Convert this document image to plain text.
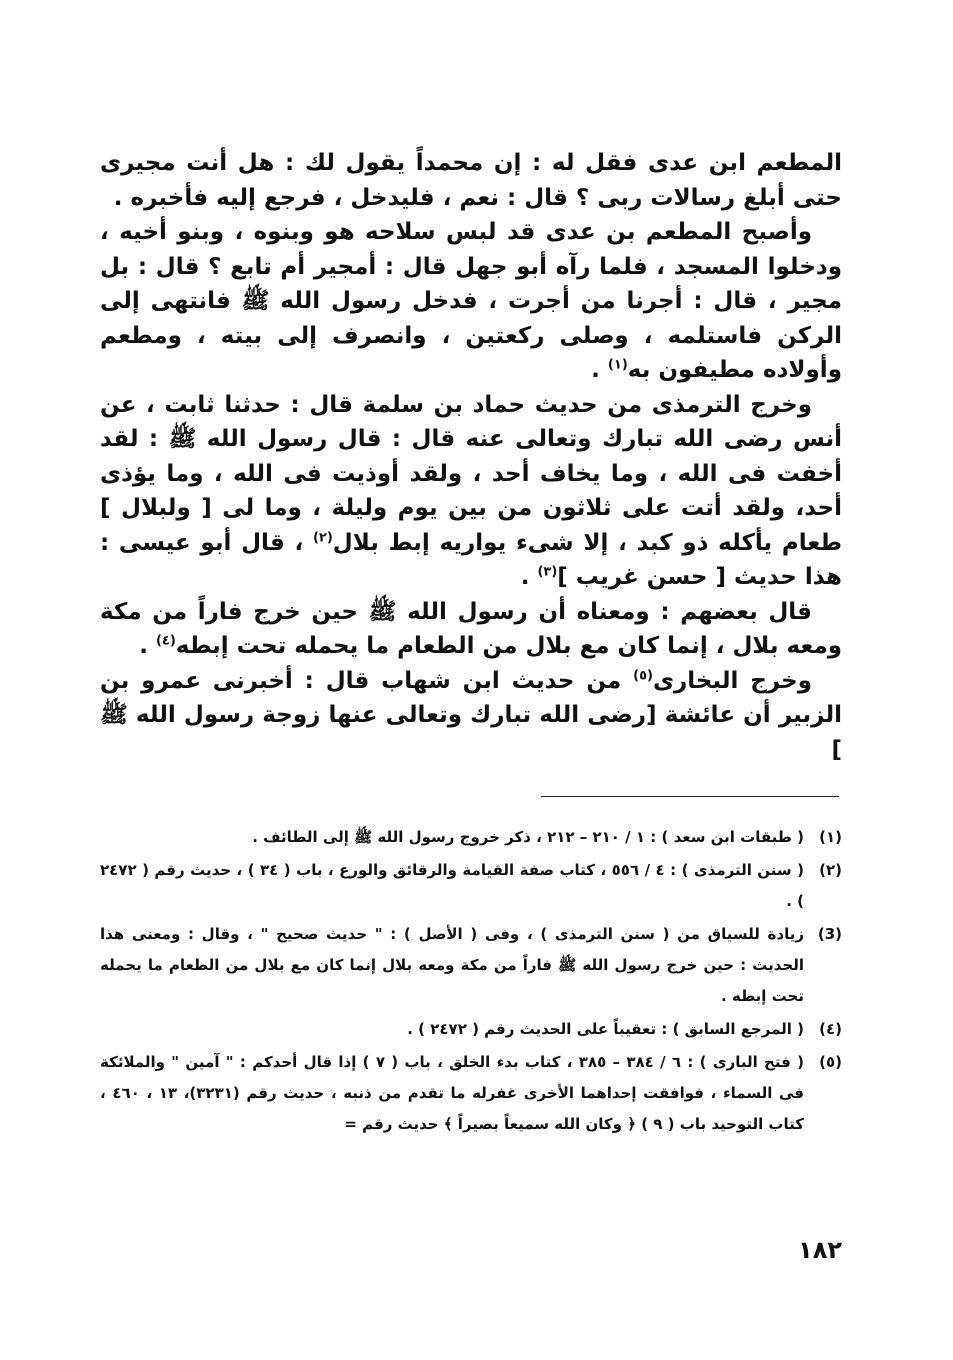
المطعم ابن عدى فقل له : إن محمداً يقول لك : هل أنت مجيرى حتى أبلغ رسالات ربى ؟ قال : نعم ، فليدخل ، فرجع إليه فأخبره .

وأصبح المطعم بن عدى قد لبس سلاحه هو وبنوه ، وبنو أخيه ، ودخلوا المسجد ، فلما رآه أبو جهل قال : أمجير أم تابع ؟ قال : بل مجير ، قال : أجرنا من أجرت ، فدخل رسول الله ﷺ فانتهى إلى الركن فاستلمه ، وصلى ركعتين ، وانصرف إلى بيته ، ومطعم وأولاده مطيفون به$^{(١)}$ .

وخرج الترمذى من حديث حماد بن سلمة قال : حدثنا ثابت ، عن أنس رضى الله تبارك وتعالى عنه قال : قال رسول الله ﷺ : لقد أخفت فى الله ، وما يخاف أحد ، ولقد أوذيت فى الله ، وما يؤذى أحد، ولقد أتت على ثلاثون من بين يوم وليلة ، وما لى [ ولبلال ] طعام يأكله ذو كبد ، إلا شىء يواريه إبط بلال$^{(٢)}$ ، قال أبو عيسى : هذا حديث [ حسن غريب ]$^{(٣)}$ .

قال بعضهم : ومعناه أن رسول الله ﷺ حين خرج فاراً من مكة ومعه بلال ، إنما كان مع بلال من الطعام ما يحمله تحت إبطه$^{(٤)}$ .

وخرج البخارى$^{(٥)}$ من حديث ابن شهاب قال : أخبرنى عمرو بن الزبير أن عائشة [رضى الله تبارك وتعالى عنها زوجة رسول الله ﷺ ]

(١)
( طبقات ابن سعد ) : ١ / ٢١٠ – ٢١٢ ، ذكر خروج رسول الله ﷺ إلى الطائف .
(٢)
( سنن الترمذى ) : ٤ / ٥٥٦ ، كتاب صفة القيامة والرقائق والورع ، باب ( ٣٤ ) ، حديث رقم ( ٢٤٧٢ ) .
(3)
زيادة للسياق من ( سنن الترمذى ) ، وفى ( الأصل ) : " حديث صحيح " ، وقال : ومعنى هذا الحديث : حين خرج رسول الله ﷺ فاراً من مكة ومعه بلال إنما كان مع بلال من الطعام ما يحمله تحت إبطه .
(٤)
( المرجع السابق ) : تعقيباً على الحديث رقم ( ٢٤٧٢ ) .
(٥)
( فتح البارى ) : ٦ / ٣٨٤ – ٣٨٥ ، كتاب بدء الخلق ، باب ( ٧ ) إذا قال أحدكم : " آمين " والملائكة فى السماء ، فوافقت إحداهما الأخرى غفرله ما تقدم من ذنبه ، حديث رقم (٣٢٣١)، ١٣ ، ٤٦٠ ، كتاب التوحيد باب ( ٩ ) ﴿ وكان الله سميعاً بصيراً ﴾ حديث رقم =
١٨٢
